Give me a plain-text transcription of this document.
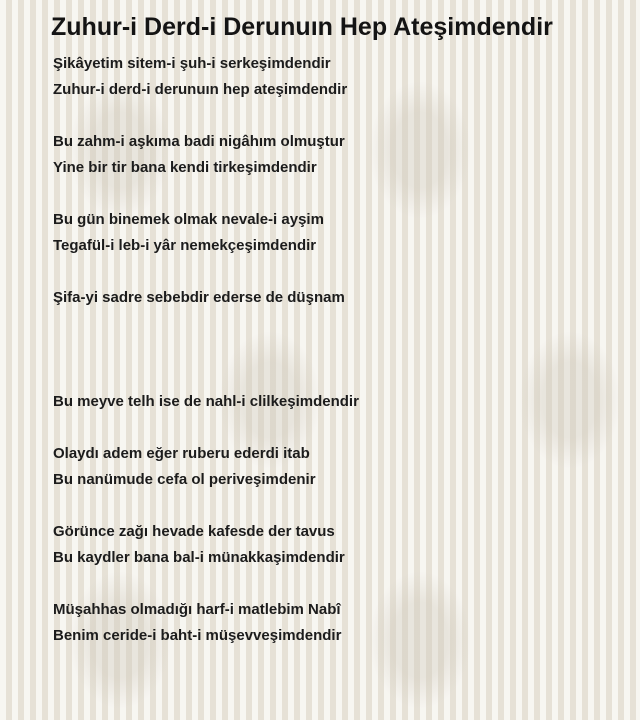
Zuhur-i Derd-i Derunuın Hep Ateşimdendir
Şikâyetim sitem-i şuh-i serkeşimdendir
Zuhur-i derd-i derunuın hep ateşimdendir
Bu zahm-i aşkıma badi nigâhım olmuştur
Yine bir tir bana kendi tirkeşimdendir
Bu gün binemek olmak nevale-i ayşim
Tegafül-i leb-i yâr nemekçeşimdendir
Şifa-yi sadre sebebdir ederse de düşnam
Bu meyve telh ise de nahl-i clilkeşimdendir
Olaydı adem eğer ruberu ederdi itab
Bu nanümude cefa ol periveşimdenir
Görünce zağı hevade kafesde der tavus
Bu kaydler bana bal-i münakkaşimdendir
Müşahhas olmadığı harf-i matlebim Nabî
Benim ceride-i baht-i müşevveşimdendir
